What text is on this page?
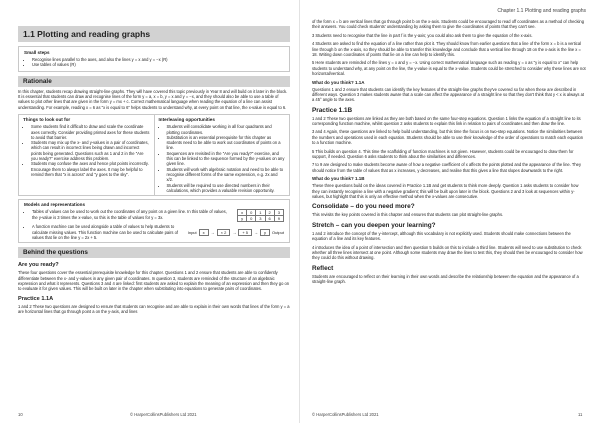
1.1 Plotting and reading graphs
Small steps
• Recognise lines parallel to the axes, and also the lines y = x and y = −x (R)
• Use tables of values (R)
Rationale

In this chapter, students recap drawing straight-line graphs. They will have covered this topic previously in Year 8 and will build on it later in the block. It is essential that students can draw and recognise lines of the form y = a, x = b, y = x and y = −x, and they should also be able to use a table of values to plot other lines that are given in the form y = mx + c. Correct mathematical language when reading the equation of a line can assist understanding. For example, reading x = 6 as "x is equal to 6" helps students to understand why, at every point on that line, the x-value is equal to 6.

Things to look out for
• Some students find it difficult to draw and scale the coordinate axes correctly. Consider providing printed axes for these students to avoid that barrier.
• Students may mix up the x- and y-values in a pair of coordinates, which can result in incorrect lines being drawn and incorrect points being generated. Questions such as 1 and 2 in the "Are you ready?" exercise address this problem.
• Students may confuse the axes and hence plot points incorrectly. Encourage them to always label the axes. It may be helpful to remind them that "x is across" and "y goes to the sky".
Interleaving opportunities
• Students will consolidate working in all four quadrants and plotting coordinates.
• Substitution is an essential prerequisite for this chapter as students need to be able to work out coordinates of points on a line.
• Sequences are revisited in the "Are you ready?" exercise, and this can be linked to the sequence formed by the y-values on any given line.
• Students will work with algebraic notation and need to be able to recognise different forms of the same expression, e.g. 2x and x/2.
• Students will be required to use directed numbers in their calculations, which provides a valuable revision opportunity.
Models and representations
• Tables of values can be used to work out the coordinates of any point on a given line. In this table of values, the y-value is 3 times the x-value, so this is the table of values for y = 3x.
x	0	1	2	3
y	0	3	6	9
• A function machine can be used alongside a table of values to help students to calculate missing values. This function machine can be used to calculate pairs of values that lie on the line y = 2x + 5.
Input	x	→	× 2	→	+ 5	→	y	Output
Behind the questions
Are you ready?

These four questions cover the essential prerequisite knowledge for this chapter. Questions 1 and 2 ensure that students are able to confidently differentiate between the x- and y-values in any given pair of coordinates. In question 3, students are reminded of the structure of an algebraic expression and what it represents. Questions 3 and 4 are linked: first students are asked to explain the meaning of an expression and then they go on to evaluate it for given values. This will be built on later in the chapter when substituting into equations to generate pairs of coordinates.

Practice 1.1A

1 and 2 These two questions are designed to ensure that students can recognise and are able to explain in their own words that lines of the form y = a are horizontal lines that go through point a on the y-axis, and lines

Chapter 1.1 Plotting and reading graphs

of the form x = b are vertical lines that go through point b on the x-axis. Students could be encouraged to read off coordinates as a method of checking their answers. You could check students' understanding by asking them to give the coordinates of points that they can't see.

3 Students need to recognise that the line in part f is the y-axis; you could also ask them to give the equation of the x-axis.

4 Students are asked to find the equation of a line rather than plot it. They should know from earlier questions that a line of the form x = b is a vertical line through b on the x-axis, so they should be able to transfer this knowledge and conclude that a vertical line through 18 on the x-axis is the line x = 18. Writing down coordinates of points that lie on a line can help to identify this.

5 Here students are reminded of the lines y = x and y = −x. Using correct mathematical language such as reading y = x as "y is equal to x" can help students to understand why, at any point on the line, the y-value is equal to the x-value. Students could be stretched to consider why these lines are not horizontal/vertical.

What do you think? 1.1A

Questions 1 and 2 ensure that students can identify the key features of the straight-line graphs they've covered so far when these are described in different ways. Question 3 makes students aware that a scale can affect the appearance of a straight line so that they don't think that y < x is always at a 45° angle to the axes.

Practice 1.1B

1 and 2 These two questions are linked as they are both based on the same four-step equations. Question 1 links the equation of a straight line to its corresponding function machine, whilst question 2 asks students to explain this link in relation to pairs of coordinates and then draw the line.

3 and 4 Again, these questions are linked to help build understanding, but this time the focus is on two-step equations. Notice the similarities between the numbers and operations used in each equation. Students should be able to use their knowledge of the order of operations to match each equation to a function machine.

5 This builds on question 4. This time the scaffolding of function machines is not given. However, students could be encouraged to draw them for support, if needed. Question 6 asks students to think about the similarities and differences.

7 to 9 are designed to make students become aware of how a negative coefficient of x affects the points plotted and the appearance of the line. They should notice from the table of values that as x increases, y decreases, and realise that this gives a line that slopes downwards to the right.

What do you think? 1.1B

These three questions build on the ideas covered in Practice 1.1B and get students to think more deeply. Question 1 asks students to consider how they can instantly recognise a line with a negative gradient; this will be built upon later in the block. Questions 2 and 3 look at sequences within y-values, but highlight that this is only an effective method when the x-values are consecutive.

Consolidate – do you need more?

This revisits the key points covered in this chapter and ensures that students can plot straight-line graphs.

Stretch – can you deepen your learning?

1 and 2 introduce the concept of the y-intercept, although this vocabulary is not explicitly used. Students should make connections between the equation of a line and its key features.

4 introduces the idea of a point of intersection and then question 5 builds on this to include a third line. Students will need to use substitution to check whether all three lines intersect at one point. Although some students may draw the lines to test this, they should then be encouraged to consider how they could do this without drawing.

Reflect

Students are encouraged to reflect on their learning in their own words and describe the relationship between the equation and the appearance of a straight-line graph.

10	© HarperCollinsPublishers Ltd 2021	© HarperCollinsPublishers Ltd 2021	11
